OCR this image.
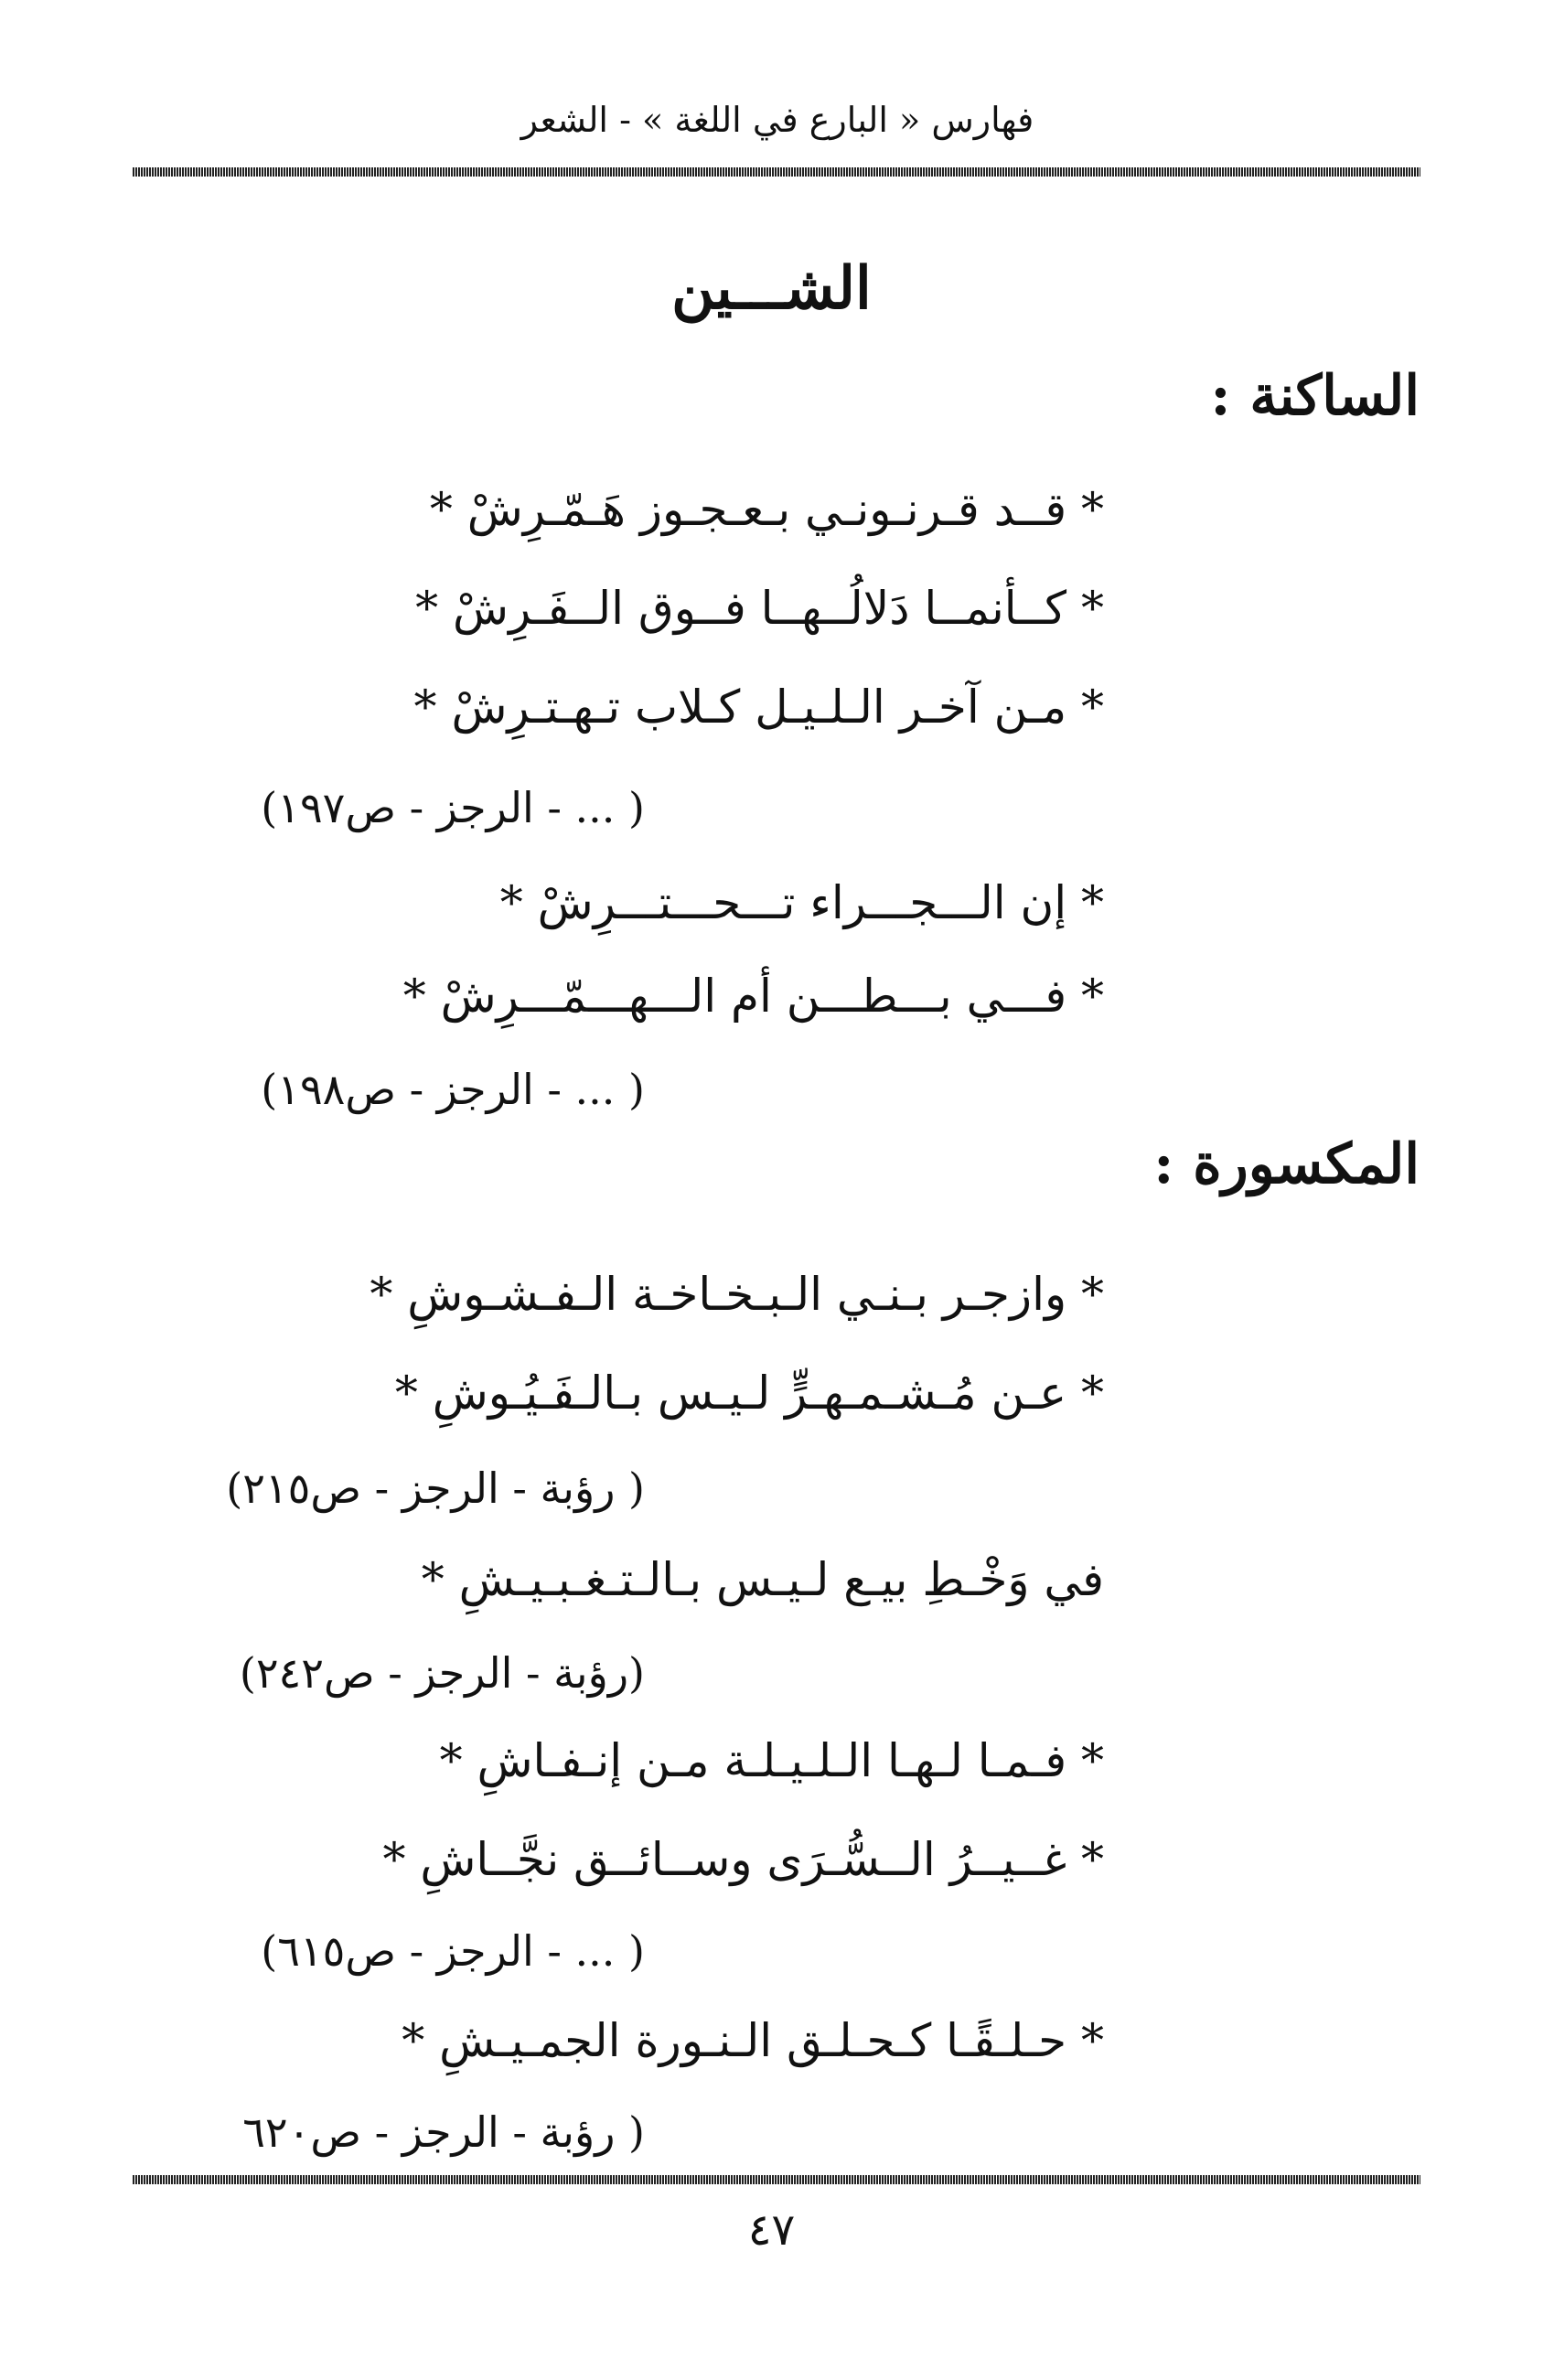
فهارس « البارع في اللغة » - الشعر
الشـــين
الساكنة :
* قــد قـرنـونـي بـعـجـوز هَـمّـرِشْ *
* كــأنمــا دَلالُــهــا فــوق الــفَـرِشْ *
* مـن آخـر الـلـيـل كـلاب تـهـتـرِشْ *
( ... - الرجز - ص١٩٧)
* إن الـــجـــراء تـــحـــتـــرِشْ *
* فـــي بـــطـــن أم الـــهـــمّـــرِشْ *
( ... - الرجز - ص١٩٨)
المكسورة :
* وازجـر بـنـي الـبـخـاخـة الـفـشـوشِ *
* عـن مُـشـمـهـرٍّ لـيـس بـالـفَـيُـوشِ *
( رؤبة - الرجز - ص٢١٥)
في وَخْـطِ بيـع لـيـس بـالـتـغـبـيـشِ *
(رؤبة - الرجز - ص٢٤٢)
* فـمـا لـهـا الـلـيـلـة مـن إنـفـاشِ *
* غــيــرُ الــسُّـرَى وســائــق نجَّــاشِ *
( ... - الرجز - ص٦١٥)
* حـلـقًـا كـحـلـق الـنـورة الجمـيـشِ *
( رؤبة - الرجز - ص٦٢٠
٤٧
